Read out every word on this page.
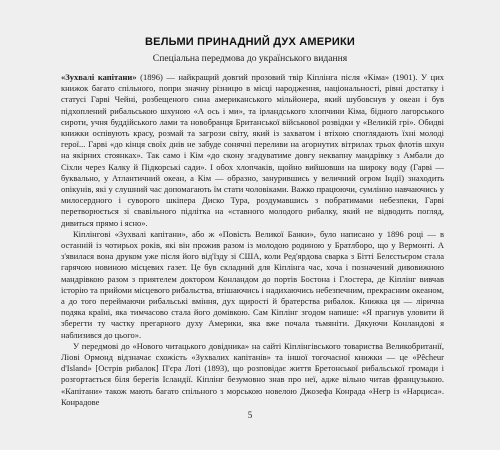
ВЕЛЬМИ ПРИНАДНИЙ ДУХ АМЕРИКИ
Спеціальна передмова до українського видання

«Зухвалі капітани» (1896) — найкращий довгий прозовий твір Кіплінга після «Кіма» (1901). У цих книжок багато спільного, попри значну різницю в місці народження, національності, рівні достатку і статусі Гарві Чейні, розбещеного сина американського мільйонера, який шубовснув у океан і був підхоплений рибальською шхуною «А ось і ми», та ірландського хлопчини Кіма, бідного лагорського сироти, учня буддійського лами та новобранця Британської військової розвідки у «Великій грі». Обидві книжки оспівують красу, розмай та загрози світу, який із захватом і втіхою споглядають їхні молоді герої... Гарві «до кінця своїх днів не забуде сонячні переливи на агорнутих вітрилах трьох флотів шхун на якірних стоянках». Так само і Кім «до скону згадуватиме довгу неквапну мандрівку з Амбали до Сіхли через Калку й Підкорські сади». І обох хлопчаків, щойно вийшовши на широку воду (Гарві — буквально, у Атлантичний океан, а Кім — образно, занурившись у величний огром Індії) знаходить опікунів, які у слушний час допомагають їм стати чоловіками. Важко працюючи, сумлінно навчаючись у милосердного і суворого шкіпера Диско Тура, роздумавшись з побратимами небезпеки, Гарві перетворюється зі свавільного підлітка на «ставного молодого рибалку, який не відводить погляд, дивиться прямо і ясно».

Кіплінгові «Зухвалі капітани», або ж «Повість Великої Банки», було написано у 1896 році — в останній із чотирьох років, які він прожив разом із молодою родиною у Братлборо, що у Вермонті. А з'явилася вона друком уже після його від'їзду зі США, коли Ред'ярдова сварка з Бітті Белєстьєром стала гарячою новиною місцевих газет. Це був складний для Кіплінга час, хоча і позначений дивовижною мандрівкою разом з приятелем доктором Конландом до портів Бостона і Глостера, де Кіплінг вивчав історію та прийоми місцевого рибальства, втішаючись і надихаючись небезпечним, прекрасним океаном, а до того переймаючи рибальські вміння, дух щирості й братерства рибалок. Книжка ця — лірична подяка країні, яка тимчасово стала його домівкою. Сам Кіплінг згодом напише: «Я прагнув уловити й зберегти ту частку прегарного духу Америки, яка вже почала тьмяніти. Дякуючи Конландові я наблизився до цього».

У передмові до «Нового читацького довідника» на сайті Кіплінгівського товариства Великобританії, Ліові Ормонд відзначає схожість «Зухвалих капітанів» та іншої тогочасної книжки — це «Pêcheur d'Island» [Острів рибалок] П'єра Лоті (1893), що розповідає життя Бретонської рибальської громади і розгортається біля берегів Ісландії. Кіплінг безумовно знав про неї, адже вільно читав французькою. «Капітани» також мають багато спільного з морською новелою Джозефа Конрада «Негр із «Нарциса». Конрадове

5
